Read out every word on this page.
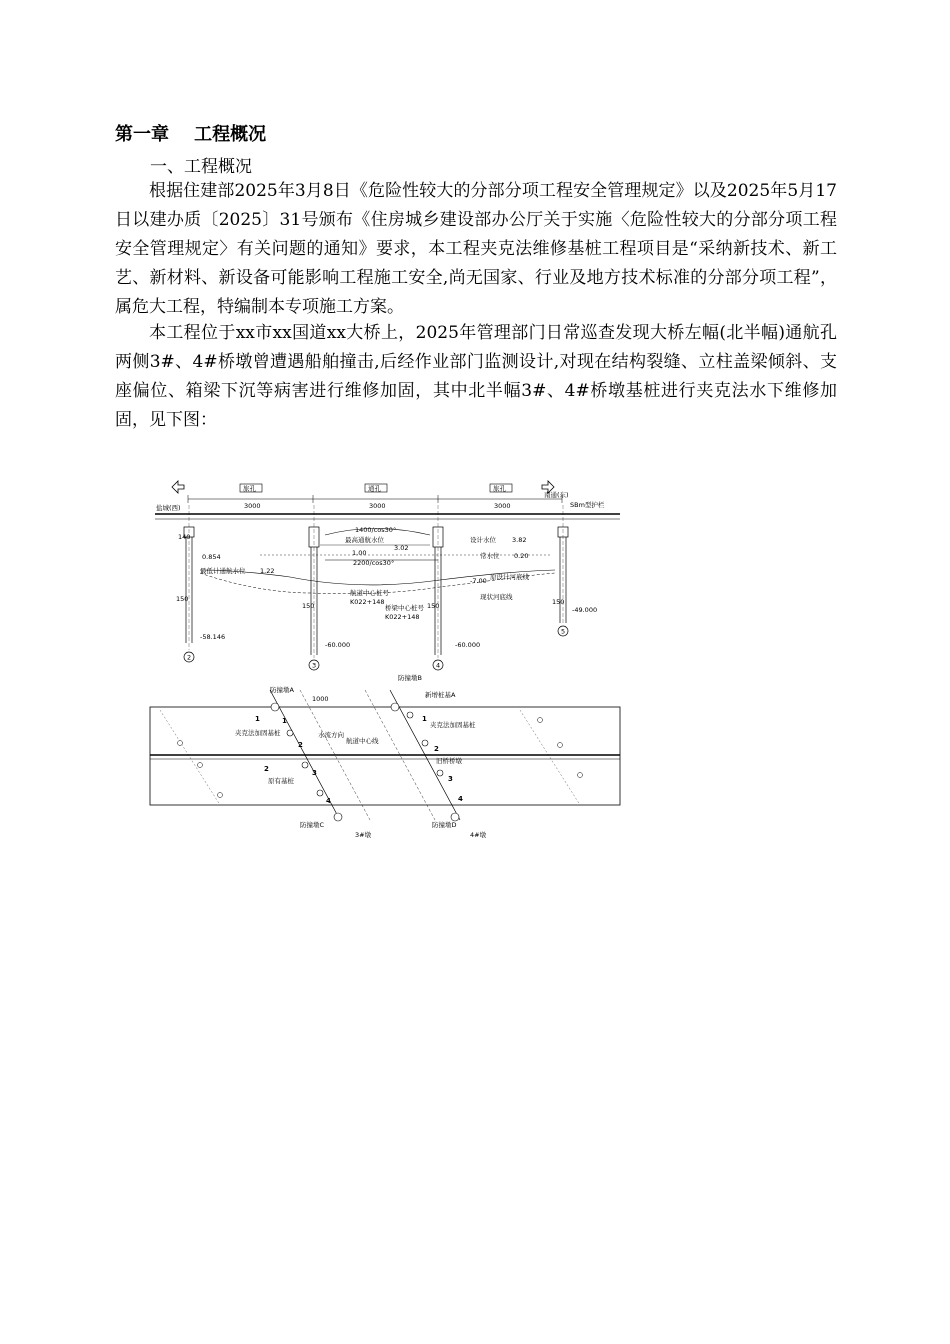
第一章    工程概况
一、工程概况

根据住建部2025年3月8日《危险性较大的分部分项工程安全管理规定》以及2025年5月17日以建办质〔2025〕31号颁布《住房城乡建设部办公厅关于实施〈危险性较大的分部分项工程安全管理规定〉有关问题的通知》要求，本工程夹克法维修基桩工程项目是“采纳新技术、新工艺、新材料、新设备可能影响工程施工安全,尚无国家、行业及地方技术标准的分部分项工程”，属危大工程，特编制本专项施工方案。

本工程位于xx市xx国道xx大桥上，2025年管理部门日常巡查发现大桥左幅(北半幅)通航孔两侧3#、4#桥墩曾遭遇船舶撞击,后经作业部门监测设计,对现在结构裂缝、立柱盖梁倾斜、支座偏位、箱梁下沉等病害进行维修加固，其中北半幅3#、4#桥墩基桩进行夹克法水下维修加固，见下图：

旅孔	通孔	旅孔
南通(东)
3000	3000	3000
盐城(西)	SBm型护栏
1400/cos30°
2200/cos30°
2
3	4
5
140
150	150	150
150
最高通航水位
3.02
设计水位 3.82
常水位 0.20
1.00
最低计通航水位 1.22
0.854
-7.00 原设计河底线
现状河底线
-58.146
-60.000	-60.000
-49.000
航道中心桩号
K022+148
桥梁中心桩号
K022+148
防撞墩A
防撞墩B
防撞墩C	防撞墩D
新增桩基A
夹克法加固基桩
夹克法加固基桩
水流方向
航道中心线
旧桥桥墩
原有基桩
3#墩	4#墩
1000
1
2
3
4
1
2
3
4
1
2
